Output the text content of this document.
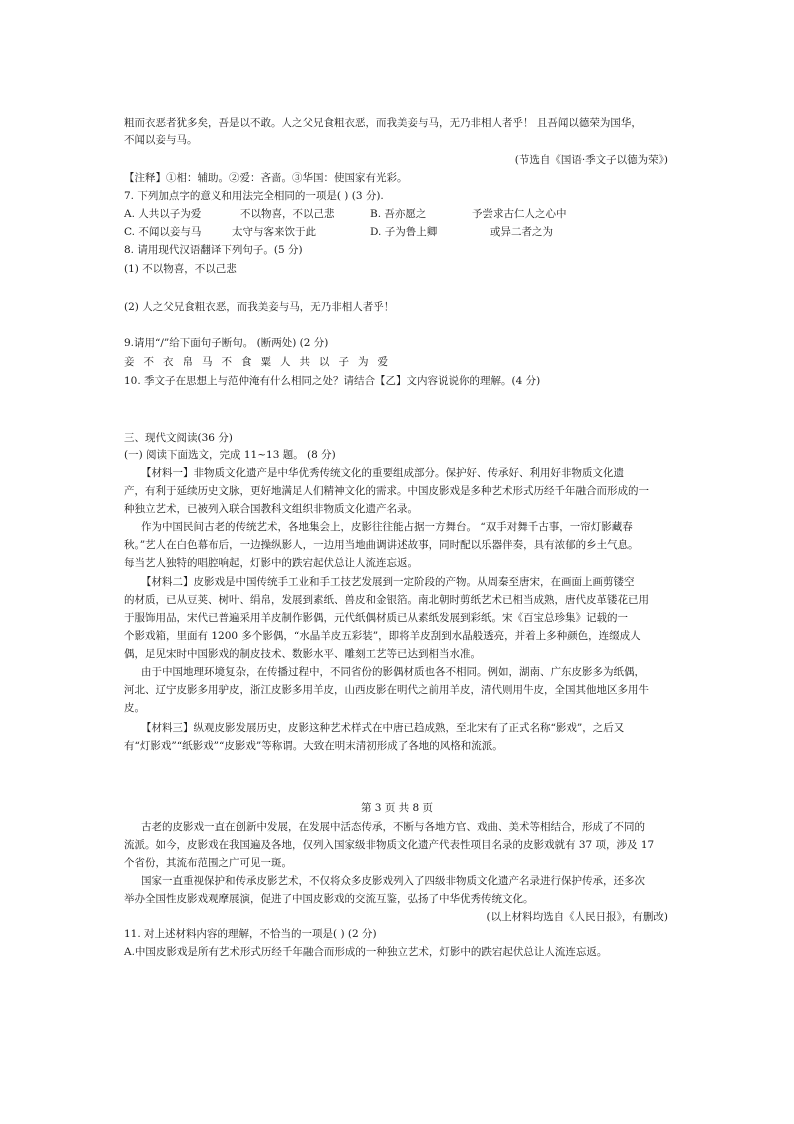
粗而衣恶者犹多矣，吾是以不敢。人之父兄食粗衣恶，而我美妾与马，无乃非相人者乎！ 且吾闻以德荣为国华，
不闻以妾与马。
(节选自《国语·季文子以德为荣》)
【注释】①相：辅助。②爱：吝啬。③华国：使国家有光彩。
7. 下列加点字的意义和用法完全相同的一项是( ) (3 分).
A. 人共以子为爱	不以物喜，不以己悲	B. 吾亦愿之	予尝求古仁人之心中
C. 不闻以妾与马	太守与客来饮于此	D. 子为鲁上卿	或异二者之为
8. 请用现代汉语翻译下列句子。(5 分)
(1) 不以物喜，不以己悲
(2) 人之父兄食粗衣恶，而我美妾与马，无乃非相人者乎！
9.请用“/”给下面句子断句。 (断两处) (2 分)
妾不衣帛马不食粟人共以子为爱
10. 季文子在思想上与范仲淹有什么相同之处？请结合【乙】文内容说说你的理解。(4 分)
三、现代文阅读(36 分)
(一) 阅读下面选文，完成 11~13 题。 (8 分)
【材料一】非物质文化遗产是中华优秀传统文化的重要组成部分。保护好、传承好、利用好非物质文化遗
产，有利于延续历史文脉，更好地满足人们精神文化的需求。中国皮影戏是多种艺术形式历经千年融合而形成的一
种独立艺术，已被列入联合国教科文组织非物质文化遗产名录。
作为中国民间古老的传统艺术，各地集会上，皮影往往能占据一方舞台。 “双手对舞千古事，一帘灯影藏春
秋。”艺人在白色幕布后，一边操纵影人，一边用当地曲调讲述故事，同时配以乐器伴奏，具有浓郁的乡土气息。
每当艺人独特的唱腔响起，灯影中的跌宕起伏总让人流连忘返。
【材料二】皮影戏是中国传统手工业和手工技艺发展到一定阶段的产物。从周秦至唐宋，在画面上画剪镂空
的材质，已从豆荚、树叶、绢帛，发展到素纸、兽皮和金银箔。南北朝时剪纸艺术已相当成熟，唐代皮革镂花已用
于服饰用品，宋代已普遍采用羊皮制作影偶，元代纸偶材质已从素纸发展到彩纸。宋《百宝总珍集》记载的一
个影戏箱，里面有 1200 多个影偶，“水晶羊皮五彩装”，即将羊皮刮到水晶般透亮，并着上多种颜色，连缀成人
偶，足见宋时中国影戏的制皮技术、数影水平、雕刻工艺等已达到相当水准。
由于中国地理环境复杂，在传播过程中，不同省份的影偶材质也各不相同。例如，湖南、广东皮影多为纸偶，
河北、辽宁皮影多用驴皮，浙江皮影多用羊皮，山西皮影在明代之前用羊皮，清代则用牛皮，全国其他地区多用牛
皮。
【材料三】纵观皮影发展历史，皮影这种艺术样式在中唐已趋成熟，至北宋有了正式名称“影戏”，之后又
有“灯影戏”“纸影戏”“皮影戏”等称谓。大致在明末清初形成了各地的风格和流派。
第 3 页 共 8 页
古老的皮影戏一直在创新中发展，在发展中活态传承，不断与各地方官、戏曲、美术等相结合，形成了不同的
流派。如今，皮影戏在我国遍及各地，仅列入国家级非物质文化遗产代表性项目名录的皮影戏就有 37 项，涉及 17
个省份，其流布范围之广可见一斑。
国家一直重视保护和传承皮影艺术，不仅将众多皮影戏列入了四级非物质文化遗产名录进行保护传承，还多次
举办全国性皮影戏观摩展演，促进了中国皮影戏的交流互鉴，弘扬了中华优秀传统文化。
(以上材料均选自《人民日报》，有删改)
11. 对上述材料内容的理解，不恰当的一项是( ) (2 分)
A.中国皮影戏是所有艺术形式历经千年融合而形成的一种独立艺术，灯影中的跌宕起伏总让人流连忘返。
